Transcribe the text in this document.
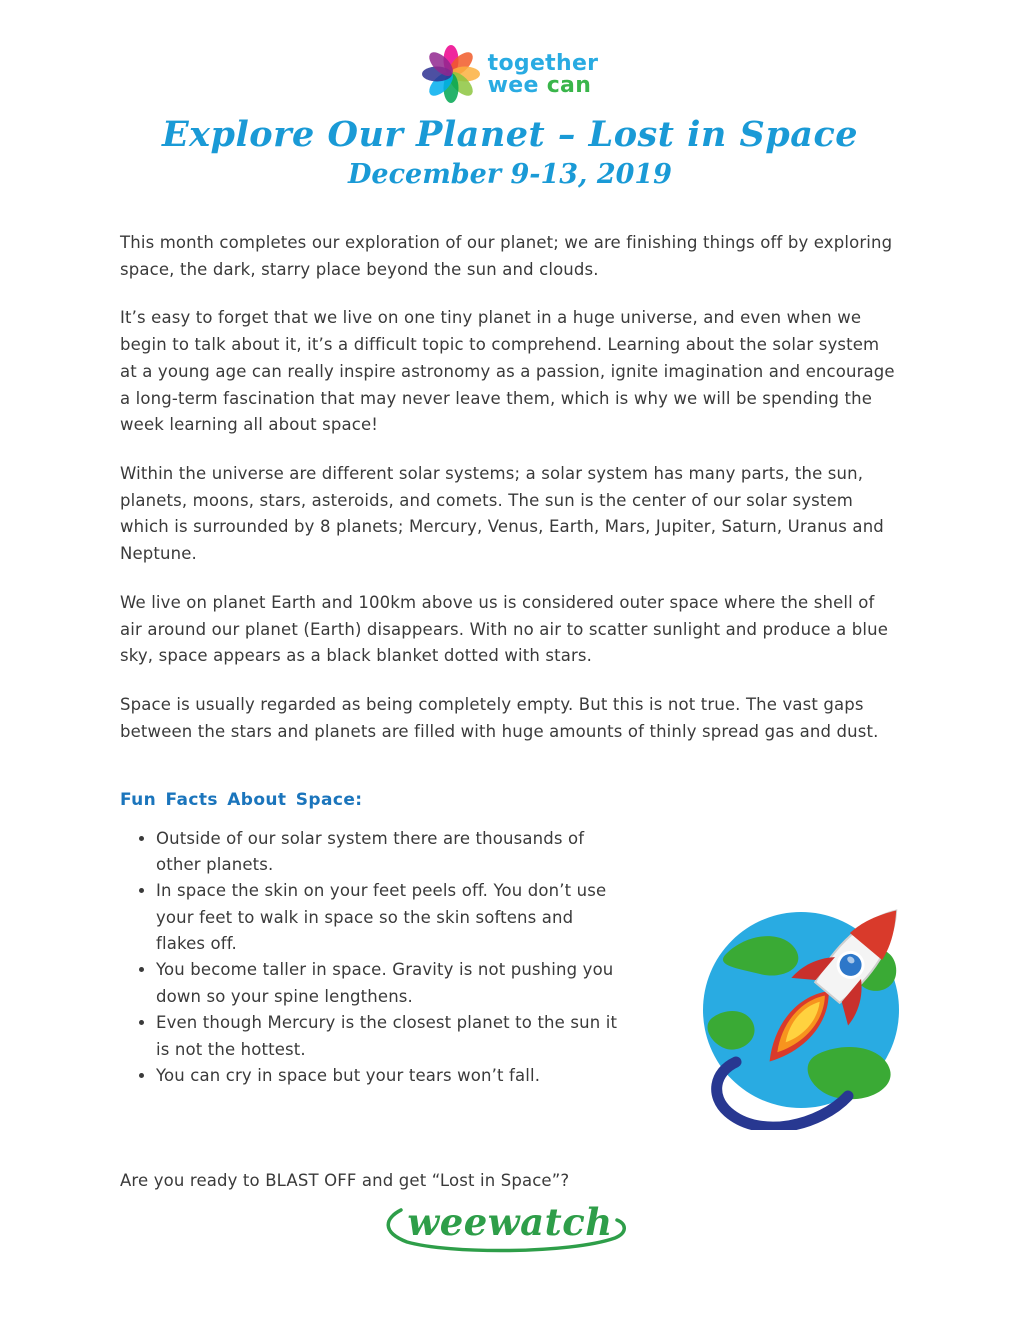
together
wee can
Explore Our Planet – Lost in Space
December 9-13, 2019

This month completes our exploration of our planet; we are finishing things off by exploring space, the dark, starry place beyond the sun and clouds.

It’s easy to forget that we live on one tiny planet in a huge universe, and even when we begin to talk about it, it’s a difficult topic to comprehend. Learning about the solar system at a young age can really inspire astronomy as a passion, ignite imagination and encourage a long-term fascination that may never leave them, which is why we will be spending the week learning all about space!

Within the universe are different solar systems; a solar system has many parts, the sun, planets, moons, stars, asteroids, and comets. The sun is the center of our solar system which is surrounded by 8 planets; Mercury, Venus, Earth, Mars, Jupiter, Saturn, Uranus and Neptune.

We live on planet Earth and 100km above us is considered outer space where the shell of air around our planet (Earth) disappears. With no air to scatter sunlight and produce a blue sky, space appears as a black blanket dotted with stars.

Space is usually regarded as being completely empty. But this is not true. The vast gaps between the stars and planets are filled with huge amounts of thinly spread gas and dust.

Fun Facts About Space:
• Outside of our solar system there are thousands of other planets.
• In space the skin on your feet peels off. You don’t use your feet to walk in space so the skin softens and flakes off.
• You become taller in space. Gravity is not pushing you down so your spine lengthens.
• Even though Mercury is the closest planet to the sun it is not the hottest.
• You can cry in space but your tears won’t fall.

Are you ready to BLAST OFF and get “Lost in Space”?

weewatch
